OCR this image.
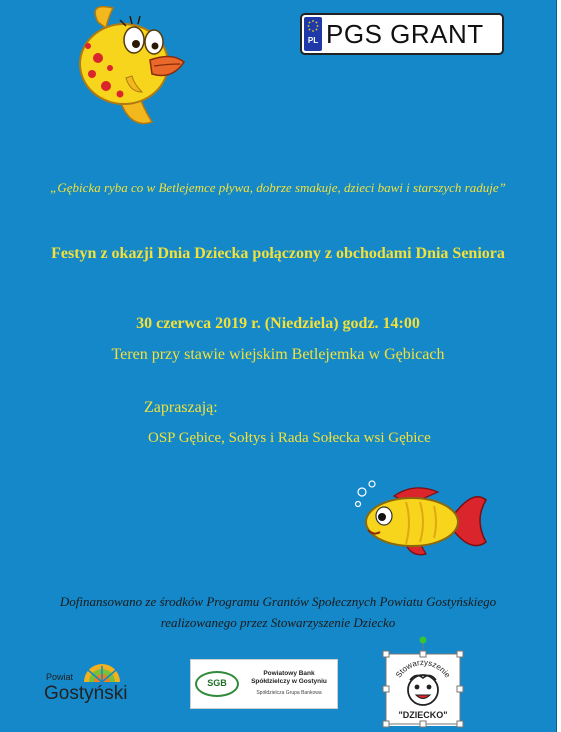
PL PGS GRANT
„Gębicka ryba co w Betlejemce pływa, dobrze smakuje, dzieci bawi i starszych raduje”
Festyn z okazji Dnia Dziecka połączony z obchodami Dnia Seniora
30 czerwca 2019 r. (Niedziela) godz. 14:00
Teren przy stawie wiejskim Betlejemka w Gębicach
Zapraszają:
OSP Gębice, Sołtys i Rada Sołecka wsi Gębice
Dofinansowano ze środków Programu Grantów Społecznych Powiatu Gostyńskiego realizowanego przez Stowarzyszenie Dziecko
Powiat
Gostyński	SGB
Powiatowy Bank Spółdzielczy w Gostyniu
Spółdzielcza Grupa Bankowa
Stowarzyszenie
"DZIECKO"
